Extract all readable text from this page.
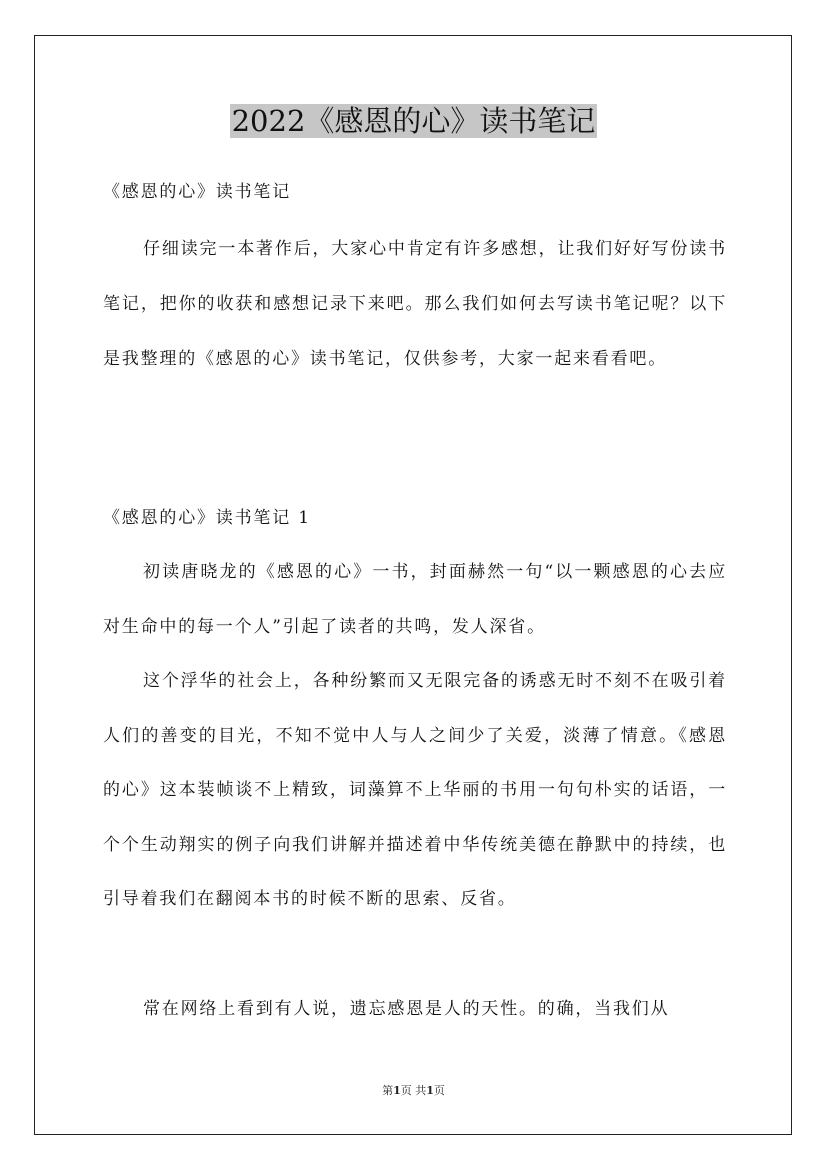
2022《感恩的心》读书笔记

《感恩的心》读书笔记

仔细读完一本著作后，大家心中肯定有许多感想，让我们好好写份读书笔记，把你的收获和感想记录下来吧。那么我们如何去写读书笔记呢？以下是我整理的《感恩的心》读书笔记，仅供参考，大家一起来看看吧。

《感恩的心》读书笔记 1

初读唐晓龙的《感恩的心》一书，封面赫然一句“以一颗感恩的心去应对生命中的每一个人”引起了读者的共鸣，发人深省。

这个浮华的社会上，各种纷繁而又无限完备的诱惑无时不刻不在吸引着人们的善变的目光，不知不觉中人与人之间少了关爱，淡薄了情意。《感恩的心》这本装帧谈不上精致，词藻算不上华丽的书用一句句朴实的话语，一个个生动翔实的例子向我们讲解并描述着中华传统美德在静默中的持续，也引导着我们在翻阅本书的时候不断的思索、反省。

常在网络上看到有人说，遗忘感恩是人的天性。的确，当我们从

第1页 共1页
